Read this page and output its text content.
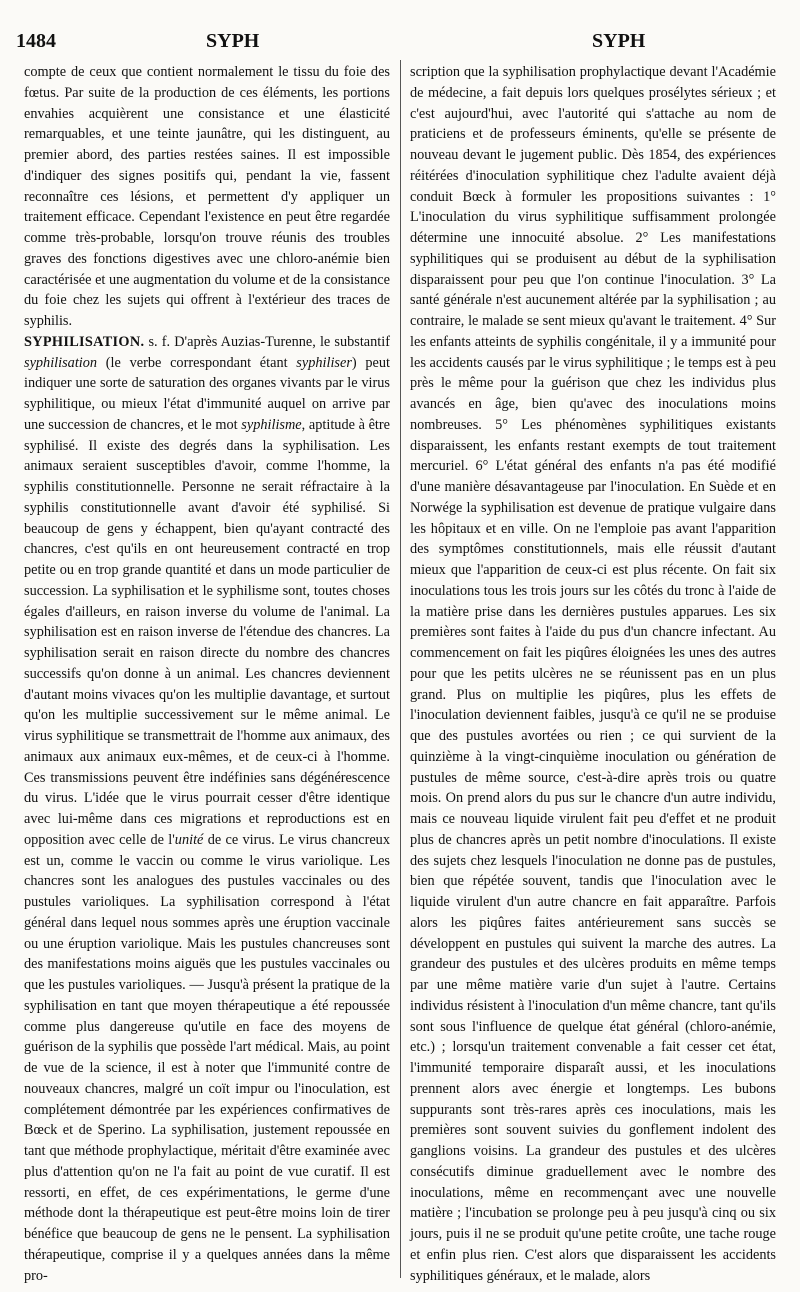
1484	SYPH	SYPH

compte de ceux que contient normalement le tissu du foie des fœtus. Par suite de la production de ces éléments, les portions envahies acquièrent une consistance et une élasticité remarquables, et une teinte jaunâtre, qui les distinguent, au premier abord, des parties restées saines. Il est impossible d'indiquer des signes positifs qui, pendant la vie, fassent reconnaître ces lésions, et permettent d'y appliquer un traitement efficace. Cependant l'existence en peut être regardée comme très-probable, lorsqu'on trouve réunis des troubles graves des fonctions digestives avec une chloro-anémie bien caractérisée et une augmentation du volume et de la consistance du foie chez les sujets qui offrent à l'extérieur des traces de syphilis.

SYPHILISATION. s. f. D'après Auzias-Turenne, le substantif syphilisation (le verbe correspondant étant syphiliser) peut indiquer une sorte de saturation des organes vivants par le virus syphilitique, ou mieux l'état d'immunité auquel on arrive par une succession de chancres, et le mot syphilisme, aptitude à être syphilisé. Il existe des degrés dans la syphilisation. Les animaux seraient susceptibles d'avoir, comme l'homme, la syphilis constitutionnelle. Personne ne serait réfractaire à la syphilis constitutionnelle avant d'avoir été syphilisé. Si beaucoup de gens y échappent, bien qu'ayant contracté des chancres, c'est qu'ils en ont heureusement contracté en trop petite ou en trop grande quantité et dans un mode particulier de succession. La syphilisation et le syphilisme sont, toutes choses égales d'ailleurs, en raison inverse du volume de l'animal. La syphilisation est en raison inverse de l'étendue des chancres. La syphilisation serait en raison directe du nombre des chancres successifs qu'on donne à un animal. Les chancres deviennent d'autant moins vivaces qu'on les multiplie davantage, et surtout qu'on les multiplie successivement sur le même animal. Le virus syphilitique se transmettrait de l'homme aux animaux, des animaux aux animaux eux-mêmes, et de ceux-ci à l'homme. Ces transmissions peuvent être indéfinies sans dégénérescence du virus. L'idée que le virus pourrait cesser d'être identique avec lui-même dans ces migrations et reproductions est en opposition avec celle de l'unité de ce virus. Le virus chancreux est un, comme le vaccin ou comme le virus variolique. Les chancres sont les analogues des pustules vaccinales ou des pustules varioliques. La syphilisation correspond à l'état général dans lequel nous sommes après une éruption vaccinale ou une éruption variolique. Mais les pustules chancreuses sont des manifestations moins aiguës que les pustules vaccinales ou que les pustules varioliques. — Jusqu'à présent la pratique de la syphilisation en tant que moyen thérapeutique a été repoussée comme plus dangereuse qu'utile en face des moyens de guérison de la syphilis que possède l'art médical. Mais, au point de vue de la science, il est à noter que l'immunité contre de nouveaux chancres, malgré un coït impur ou l'inoculation, est complétement démontrée par les expériences confirmatives de Bœck et de Sperino. La syphilisation, justement repoussée en tant que méthode prophylactique, méritait d'être examinée avec plus d'attention qu'on ne l'a fait au point de vue curatif. Il est ressorti, en effet, de ces expérimentations, le germe d'une méthode dont la thérapeutique est peut-être moins loin de tirer bénéfice que beaucoup de gens ne le pensent. La syphilisation thérapeutique, comprise il y a quelques années dans la même pro-

scription que la syphilisation prophylactique devant l'Académie de médecine, a fait depuis lors quelques prosélytes sérieux ; et c'est aujourd'hui, avec l'autorité qui s'attache au nom de praticiens et de professeurs éminents, qu'elle se présente de nouveau devant le jugement public. Dès 1854, des expériences réitérées d'inoculation syphilitique chez l'adulte avaient déjà conduit Bœck à formuler les propositions suivantes : 1° L'inoculation du virus syphilitique suffisamment prolongée détermine une innocuité absolue. 2° Les manifestations syphilitiques qui se produisent au début de la syphilisation disparaissent pour peu que l'on continue l'inoculation. 3° La santé générale n'est aucunement altérée par la syphilisation ; au contraire, le malade se sent mieux qu'avant le traitement. 4° Sur les enfants atteints de syphilis congénitale, il y a immunité pour les accidents causés par le virus syphilitique ; le temps est à peu près le même pour la guérison que chez les individus plus avancés en âge, bien qu'avec des inoculations moins nombreuses. 5° Les phénomènes syphilitiques existants disparaissent, les enfants restant exempts de tout traitement mercuriel. 6° L'état général des enfants n'a pas été modifié d'une manière désavantageuse par l'inoculation. En Suède et en Norwége la syphilisation est devenue de pratique vulgaire dans les hôpitaux et en ville. On ne l'emploie pas avant l'apparition des symptômes constitutionnels, mais elle réussit d'autant mieux que l'apparition de ceux-ci est plus récente. On fait six inoculations tous les trois jours sur les côtés du tronc à l'aide de la matière prise dans les dernières pustules apparues. Les six premières sont faites à l'aide du pus d'un chancre infectant. Au commencement on fait les piqûres éloignées les unes des autres pour que les petits ulcères ne se réunissent pas en un plus grand. Plus on multiplie les piqûres, plus les effets de l'inoculation deviennent faibles, jusqu'à ce qu'il ne se produise que des pustules avortées ou rien ; ce qui survient de la quinzième à la vingt-cinquième inoculation ou génération de pustules de même source, c'est-à-dire après trois ou quatre mois. On prend alors du pus sur le chancre d'un autre individu, mais ce nouveau liquide virulent fait peu d'effet et ne produit plus de chancres après un petit nombre d'inoculations. Il existe des sujets chez lesquels l'inoculation ne donne pas de pustules, bien que répétée souvent, tandis que l'inoculation avec le liquide virulent d'un autre chancre en fait apparaître. Parfois alors les piqûres faites antérieurement sans succès se développent en pustules qui suivent la marche des autres. La grandeur des pustules et des ulcères produits en même temps par une même matière varie d'un sujet à l'autre. Certains individus résistent à l'inoculation d'un même chancre, tant qu'ils sont sous l'influence de quelque état général (chloro-anémie, etc.) ; lorsqu'un traitement convenable a fait cesser cet état, l'immunité temporaire disparaît aussi, et les inoculations prennent alors avec énergie et longtemps. Les bubons suppurants sont très-rares après ces inoculations, mais les premières sont souvent suivies du gonflement indolent des ganglions voisins. La grandeur des pustules et des ulcères consécutifs diminue graduellement avec le nombre des inoculations, même en recommençant avec une nouvelle matière ; l'incubation se prolonge peu à peu jusqu'à cinq ou six jours, puis il ne se produit qu'une petite croûte, une tache rouge et enfin plus rien. C'est alors que disparaissent les accidents syphilitiques généraux, et le malade, alors
